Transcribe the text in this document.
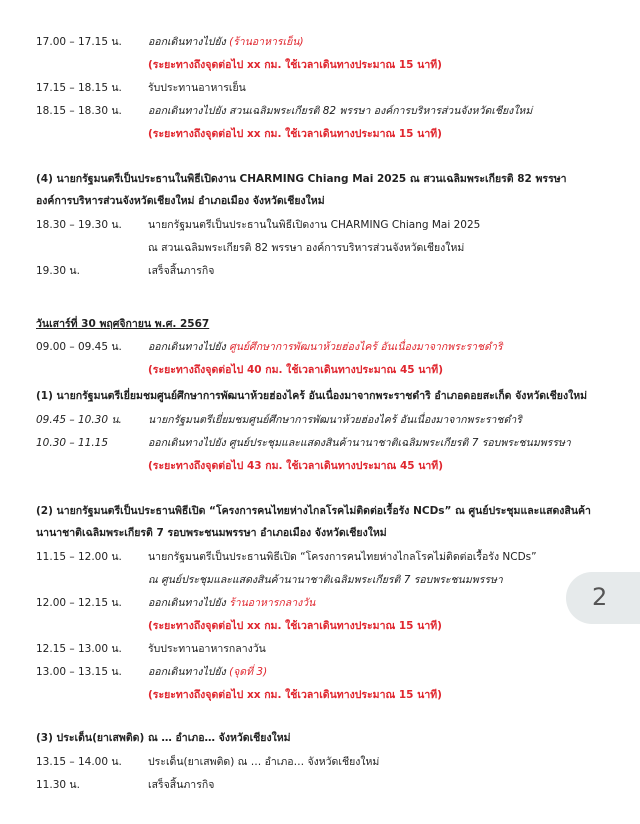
17.00 – 17.15 น.	ออกเดินทางไปยัง (ร้านอาหารเย็น)
(ระยะทางถึงจุดต่อไป xx กม. ใช้เวลาเดินทางประมาณ 15 นาที)
17.15 – 18.15 น.	รับประทานอาหารเย็น
18.15 – 18.30 น.	ออกเดินทางไปยัง สวนเฉลิมพระเกียรติ 82 พรรษา องค์การบริหารส่วนจังหวัดเชียงใหม่
(ระยะทางถึงจุดต่อไป xx กม. ใช้เวลาเดินทางประมาณ 15 นาที)
(4) นายกรัฐมนตรีเป็นประธานในพิธีเปิดงาน CHARMING Chiang Mai 2025 ณ สวนเฉลิมพระเกียรติ 82 พรรษา องค์การบริหารส่วนจังหวัดเชียงใหม่ อำเภอเมือง จังหวัดเชียงใหม่
18.30 – 19.30 น.	นายกรัฐมนตรีเป็นประธานในพิธีเปิดงาน CHARMING Chiang Mai 2025
ณ สวนเฉลิมพระเกียรติ 82 พรรษา องค์การบริหารส่วนจังหวัดเชียงใหม่
19.30 น.	เสร็จสิ้นภารกิจ
วันเสาร์ที่ 30 พฤศจิกายน พ.ศ. 2567
09.00 – 09.45 น.	ออกเดินทางไปยัง ศูนย์ศึกษาการพัฒนาห้วยฮ่องไคร้ อันเนื่องมาจากพระราชดำริ
(ระยะทางถึงจุดต่อไป 40 กม. ใช้เวลาเดินทางประมาณ 45 นาที)
(1) นายกรัฐมนตรีเยี่ยมชมศูนย์ศึกษาการพัฒนาห้วยฮ่องไคร้ อันเนื่องมาจากพระราชดำริ อำเภอดอยสะเก็ด จังหวัดเชียงใหม่
09.45 – 10.30 น.	นายกรัฐมนตรีเยี่ยมชมศูนย์ศึกษาการพัฒนาห้วยฮ่องไคร้ อันเนื่องมาจากพระราชดำริ
10.30 – 11.15	ออกเดินทางไปยัง ศูนย์ประชุมและแสดงสินค้านานาชาติเฉลิมพระเกียรติ 7 รอบพระชนมพรรษา
(ระยะทางถึงจุดต่อไป 43 กม. ใช้เวลาเดินทางประมาณ 45 นาที)
(2) นายกรัฐมนตรีเป็นประธานพิธีเปิด “โครงการคนไทยห่างไกลโรคไม่ติดต่อเรื้อรัง NCDs” ณ ศูนย์ประชุมและแสดงสินค้านานาชาติเฉลิมพระเกียรติ 7 รอบพระชนมพรรษา อำเภอเมือง จังหวัดเชียงใหม่
11.15 – 12.00 น.	นายกรัฐมนตรีเป็นประธานพิธีเปิด “โครงการคนไทยห่างไกลโรคไม่ติดต่อเรื้อรัง NCDs”
ณ ศูนย์ประชุมและแสดงสินค้านานาชาติเฉลิมพระเกียรติ 7 รอบพระชนมพรรษา
12.00 – 12.15 น.	ออกเดินทางไปยัง ร้านอาหารกลางวัน
(ระยะทางถึงจุดต่อไป xx กม. ใช้เวลาเดินทางประมาณ 15 นาที)
12.15 – 13.00 น.	รับประทานอาหารกลางวัน
13.00 – 13.15 น.	ออกเดินทางไปยัง (จุดที่ 3)
(ระยะทางถึงจุดต่อไป xx กม. ใช้เวลาเดินทางประมาณ 15 นาที)
(3) ประเด็น(ยาเสพติด) ณ … อำเภอ… จังหวัดเชียงใหม่
13.15 – 14.00 น.	ประเด็น(ยาเสพติด) ณ … อำเภอ… จังหวัดเชียงใหม่
11.30 น.	เสร็จสิ้นภารกิจ
2
